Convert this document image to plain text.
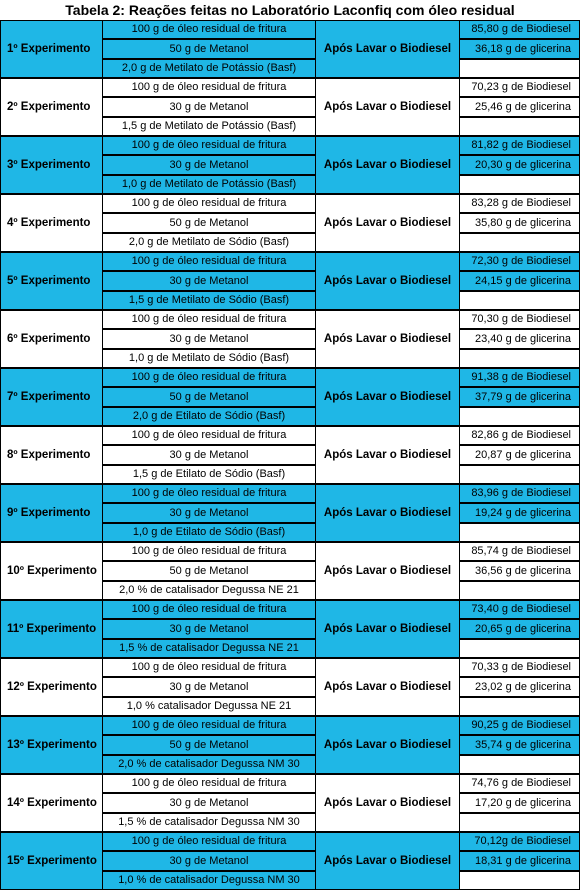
Tabela 2: Reações feitas no Laboratório Laconfiq com óleo residual
1º Experimento
100 g de óleo residual de fritura
50 g de Metanol
2,0 g de Metilato de Potássio (Basf)
Após Lavar o Biodiesel
85,80 g de Biodiesel
36,18 g de glicerina
2º Experimento
100 g de óleo residual de fritura
30 g de Metanol
1,5 g de Metilato de Potássio (Basf)
Após Lavar o Biodiesel
70,23 g de Biodiesel
25,46 g de glicerina
3º Experimento
100 g de óleo residual de fritura
30 g de Metanol
1,0 g de Metilato de Potássio (Basf)
Após Lavar o Biodiesel
81,82 g de Biodiesel
20,30 g de glicerina
4º Experimento
100 g de óleo residual de fritura
50 g de Metanol
2,0 g de Metilato de Sódio (Basf)
Após Lavar o Biodiesel
83,28 g de Biodiesel
35,80 g de glicerina
5º Experimento
100 g de óleo residual de fritura
30 g de Metanol
1,5 g de Metilato de Sódio (Basf)
Após Lavar o Biodiesel
72,30 g de Biodiesel
24,15 g de glicerina
6º Experimento
100 g de óleo residual de fritura
30 g de Metanol
1,0 g de Metilato de Sódio (Basf)
Após Lavar o Biodiesel
70,30 g de Biodiesel
23,40 g de glicerina
7º Experimento
100 g de óleo residual de fritura
50 g de Metanol
2,0 g de Etilato de Sódio (Basf)
Após Lavar o Biodiesel
91,38 g de Biodiesel
37,79 g de glicerina
8º Experimento
100 g de óleo residual de fritura
30 g de Metanol
1,5 g de Etilato de Sódio (Basf)
Após Lavar o Biodiesel
82,86 g de Biodiesel
20,87 g de glicerina
9º Experimento
100 g de óleo residual de fritura
30 g de Metanol
1,0 g de Etilato de Sódio (Basf)
Após Lavar o Biodiesel
83,96 g de Biodiesel
19,24 g de glicerina
10º Experimento
100 g de óleo residual de fritura
50 g de Metanol
2,0 % de catalisador Degussa NE 21
Após Lavar o Biodiesel
85,74 g de Biodiesel
36,56 g de glicerina
11º Experimento
100 g de óleo residual de fritura
30 g de Metanol
1,5 % de catalisador Degussa NE 21
Após Lavar o Biodiesel
73,40 g de Biodiesel
20,65 g de glicerina
12º Experimento
100 g de óleo residual de fritura
30 g de Metanol
1,0 % catalisador Degussa NE 21
Após Lavar o Biodiesel
70,33 g de Biodiesel
23,02 g de glicerina
13º Experimento
100 g de óleo residual de fritura
50 g de Metanol
2,0 % de catalisador Degussa NM 30
Após Lavar o Biodiesel
90,25 g de Biodiesel
35,74 g de glicerina
14º Experimento
100 g de óleo residual de fritura
30 g de Metanol
1,5 % de catalisador Degussa NM 30
Após Lavar o Biodiesel
74,76 g de Biodiesel
17,20 g de glicerina
15º Experimento
100 g de óleo residual de fritura
30 g de Metanol
1,0 % de catalisador Degussa NM 30
Após Lavar o Biodiesel
70,12g de Biodiesel
18,31 g de glicerina
